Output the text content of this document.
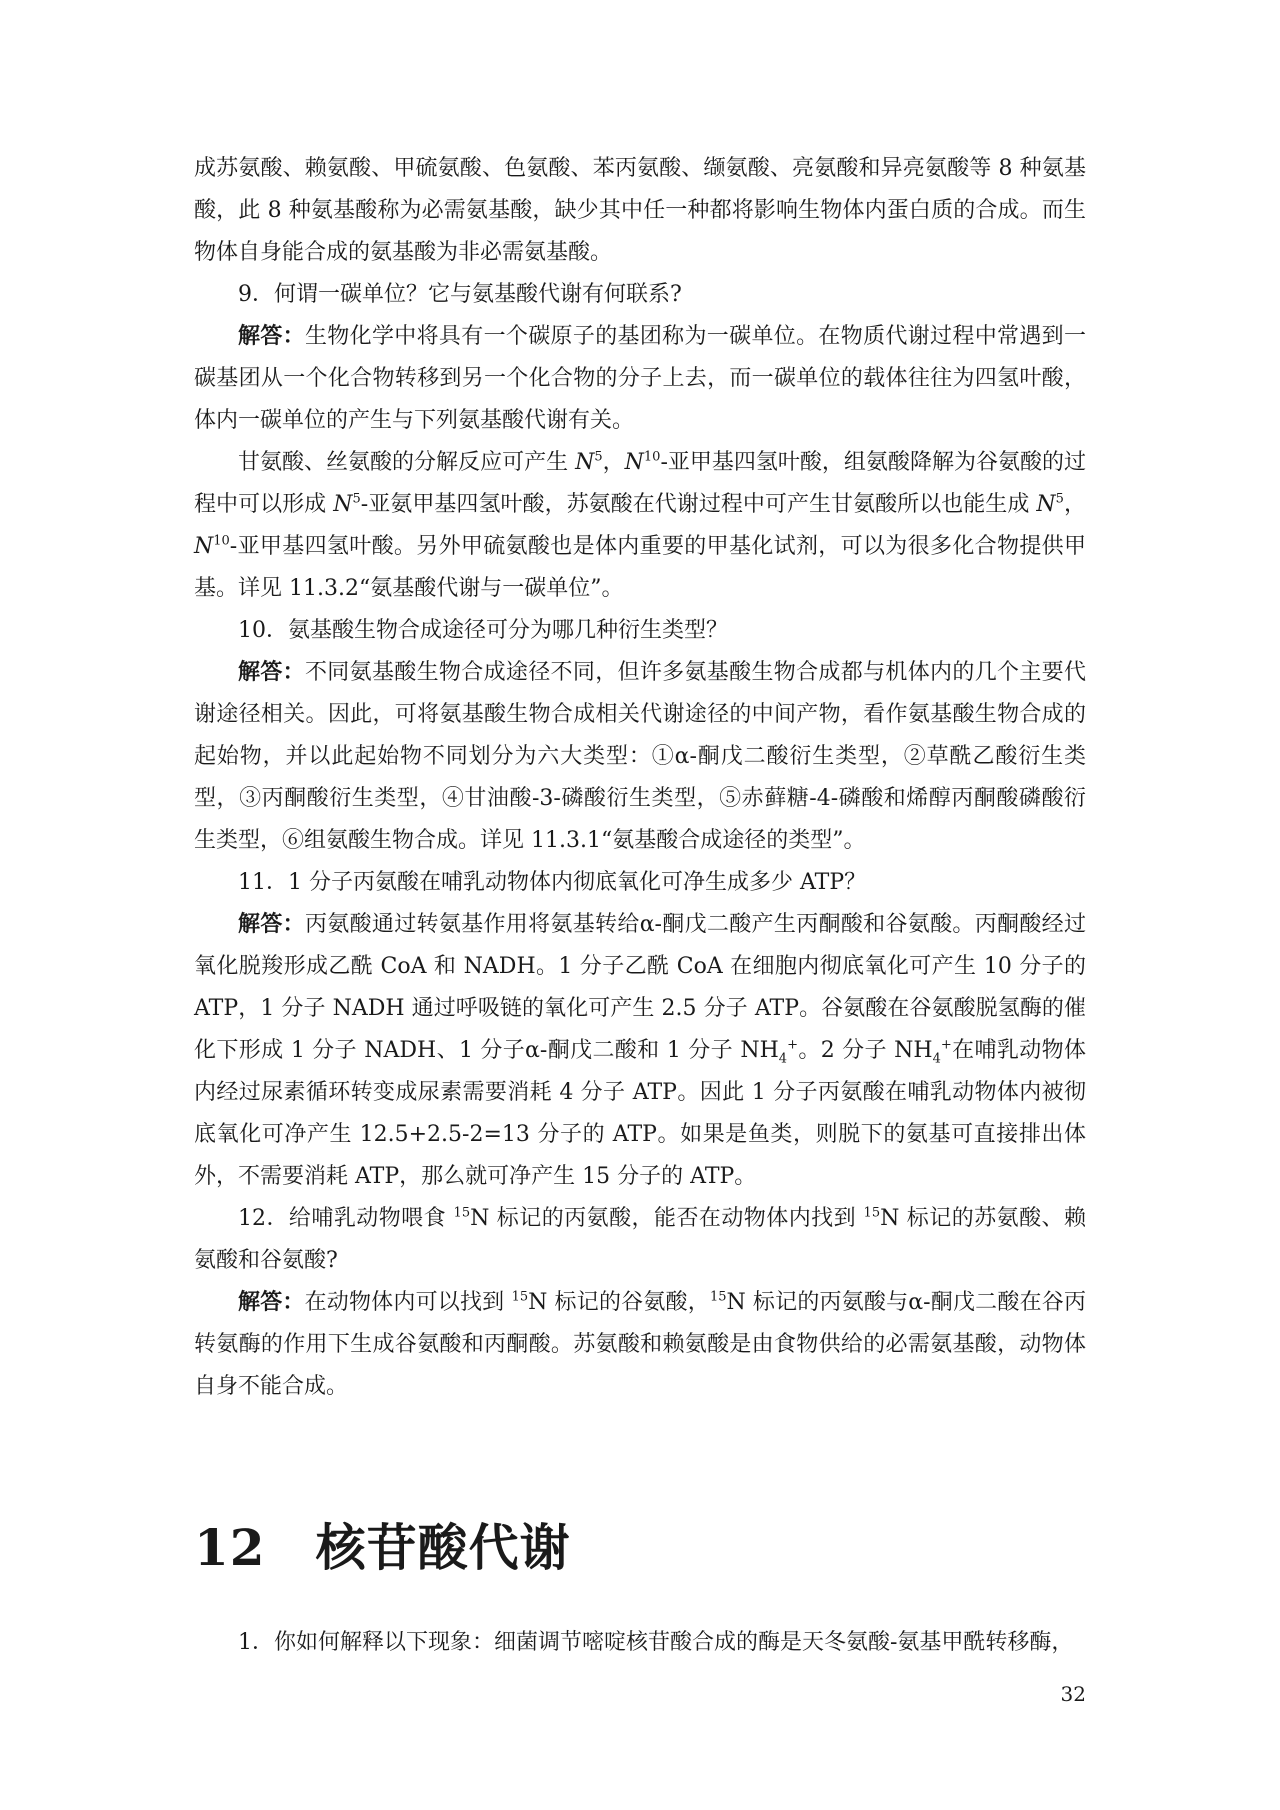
成苏氨酸、赖氨酸、甲硫氨酸、色氨酸、苯丙氨酸、缬氨酸、亮氨酸和异亮氨酸等 8 种氨基酸，此 8 种氨基酸称为必需氨基酸，缺少其中任一种都将影响生物体内蛋白质的合成。而生物体自身能合成的氨基酸为非必需氨基酸。

9．何谓一碳单位？它与氨基酸代谢有何联系?

解答：生物化学中将具有一个碳原子的基团称为一碳单位。在物质代谢过程中常遇到一碳基团从一个化合物转移到另一个化合物的分子上去，而一碳单位的载体往往为四氢叶酸，体内一碳单位的产生与下列氨基酸代谢有关。

甘氨酸、丝氨酸的分解反应可产生 $N^5$，$N^{10}-$亚甲基四氢叶酸，组氨酸降解为谷氨酸的过程中可以形成 $N^5-$亚氨甲基四氢叶酸，苏氨酸在代谢过程中可产生甘氨酸所以也能生成 $N^5$，$N^{10}-$亚甲基四氢叶酸。另外甲硫氨酸也是体内重要的甲基化试剂，可以为很多化合物提供甲基。详见 11.3.2“氨基酸代谢与一碳单位”。

10．氨基酸生物合成途径可分为哪几种衍生类型？

解答：不同氨基酸生物合成途径不同，但许多氨基酸生物合成都与机体内的几个主要代谢途径相关。因此，可将氨基酸生物合成相关代谢途径的中间产物，看作氨基酸生物合成的起始物，并以此起始物不同划分为六大类型：①α-酮戊二酸衍生类型，②草酰乙酸衍生类型，③丙酮酸衍生类型，④甘油酸-3-磷酸衍生类型，⑤赤藓糖-4-磷酸和烯醇丙酮酸磷酸衍生类型，⑥组氨酸生物合成。详见 11.3.1“氨基酸合成途径的类型”。

11．1 分子丙氨酸在哺乳动物体内彻底氧化可净生成多少 ATP？

解答：丙氨酸通过转氨基作用将氨基转给α-酮戊二酸产生丙酮酸和谷氨酸。丙酮酸经过氧化脱羧形成乙酰 CoA 和 NADH。1 分子乙酰 CoA 在细胞内彻底氧化可产生 10 分子的 ATP，1 分子 NADH 通过呼吸链的氧化可产生 2.5 分子 ATP。谷氨酸在谷氨酸脱氢酶的催化下形成 1 分子 NADH、1 分子α-酮戊二酸和 1 分子 $NH_4^+$。2 分子 $NH_4^+$在哺乳动物体内经过尿素循环转变成尿素需要消耗 4 分子 ATP。因此 1 分子丙氨酸在哺乳动物体内被彻底氧化可净产生 12.5+2.5-2=13 分子的 ATP。如果是鱼类，则脱下的氨基可直接排出体外，不需要消耗 ATP，那么就可净产生 15 分子的 ATP。

12．给哺乳动物喂食 $^{15}$N 标记的丙氨酸，能否在动物体内找到 $^{15}$N 标记的苏氨酸、赖氨酸和谷氨酸?

解答：在动物体内可以找到 $^{15}$N 标记的谷氨酸，$^{15}$N 标记的丙氨酸与α-酮戊二酸在谷丙转氨酶的作用下生成谷氨酸和丙酮酸。苏氨酸和赖氨酸是由食物供给的必需氨基酸，动物体自身不能合成。

12 核苷酸代谢

1．你如何解释以下现象：细菌调节嘧啶核苷酸合成的酶是天冬氨酸-氨基甲酰转移酶，

32
